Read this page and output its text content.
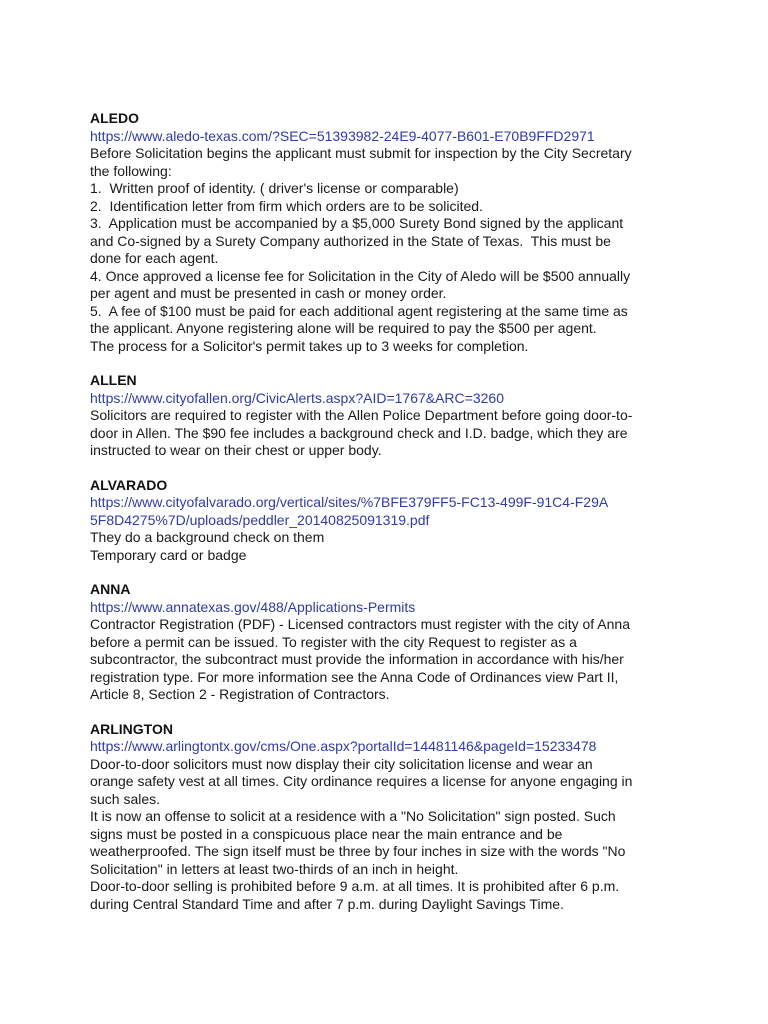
ALEDO
https://www.aledo-texas.com/?SEC=51393982-24E9-4077-B601-E70B9FFD2971
Before Solicitation begins the applicant must submit for inspection by the City Secretary
the following:
1.  Written proof of identity. ( driver's license or comparable)
2.  Identification letter from firm which orders are to be solicited.
3.  Application must be accompanied by a $5,000 Surety Bond signed by the applicant
and Co-signed by a Surety Company authorized in the State of Texas.  This must be
done for each agent.
4. Once approved a license fee for Solicitation in the City of Aledo will be $500 annually
per agent and must be presented in cash or money order.
5.  A fee of $100 must be paid for each additional agent registering at the same time as
the applicant. Anyone registering alone will be required to pay the $500 per agent.
The process for a Solicitor's permit takes up to 3 weeks for completion.
ALLEN
https://www.cityofallen.org/CivicAlerts.aspx?AID=1767&ARC=3260
Solicitors are required to register with the Allen Police Department before going door-to-
door in Allen. The $90 fee includes a background check and I.D. badge, which they are
instructed to wear on their chest or upper body.
ALVARADO
https://www.cityofalvarado.org/vertical/sites/%7BFE379FF5-FC13-499F-91C4-F29A5F8D4275%7D/uploads/peddler_20140825091319.pdf
They do a background check on them
Temporary card or badge
ANNA
https://www.annatexas.gov/488/Applications-Permits
Contractor Registration (PDF) - Licensed contractors must register with the city of Anna
before a permit can be issued. To register with the city Request to register as a
subcontractor, the subcontract must provide the information in accordance with his/her
registration type. For more information see the Anna Code of Ordinances view Part II,
Article 8, Section 2 - Registration of Contractors.
ARLINGTON
https://www.arlingtontx.gov/cms/One.aspx?portalId=14481146&pageId=15233478
Door-to-door solicitors must now display their city solicitation license and wear an
orange safety vest at all times. City ordinance requires a license for anyone engaging in
such sales.
It is now an offense to solicit at a residence with a "No Solicitation" sign posted. Such
signs must be posted in a conspicuous place near the main entrance and be
weatherproofed. The sign itself must be three by four inches in size with the words "No
Solicitation" in letters at least two-thirds of an inch in height.
Door-to-door selling is prohibited before 9 a.m. at all times. It is prohibited after 6 p.m.
during Central Standard Time and after 7 p.m. during Daylight Savings Time.
